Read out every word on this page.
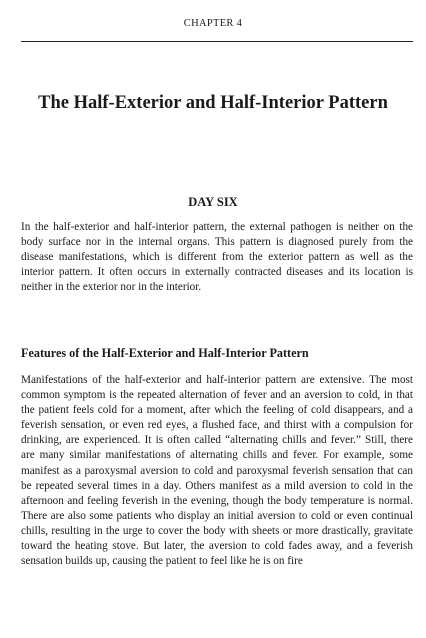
CHAPTER 4
The Half-Exterior and Half-Interior Pattern
DAY SIX

In the half-exterior and half-interior pattern, the external pathogen is neither on the body surface nor in the internal organs. This pattern is diagnosed purely from the disease manifestations, which is different from the exterior pattern as well as the interior pattern. It often occurs in externally contracted diseases and its location is neither in the exterior nor in the interior.

Features of the Half-Exterior and Half-Interior Pattern

Manifestations of the half-exterior and half-interior pattern are extensive. The most common symptom is the repeated alternation of fever and an aversion to cold, in that the patient feels cold for a moment, after which the feeling of cold disappears, and a feverish sensation, or even red eyes, a flushed face, and thirst with a compulsion for drinking, are experienced. It is often called “alternating chills and fever.” Still, there are many similar manifestations of alternating chills and fever. For example, some manifest as a paroxysmal aversion to cold and paroxysmal feverish sensation that can be repeated several times in a day. Others manifest as a mild aversion to cold in the afternoon and feeling feverish in the evening, though the body temperature is normal. There are also some patients who display an initial aversion to cold or even continual chills, resulting in the urge to cover the body with sheets or more drastically, gravitate toward the heating stove. But later, the aversion to cold fades away, and a feverish sensation builds up, causing the patient to feel like he is on fire
